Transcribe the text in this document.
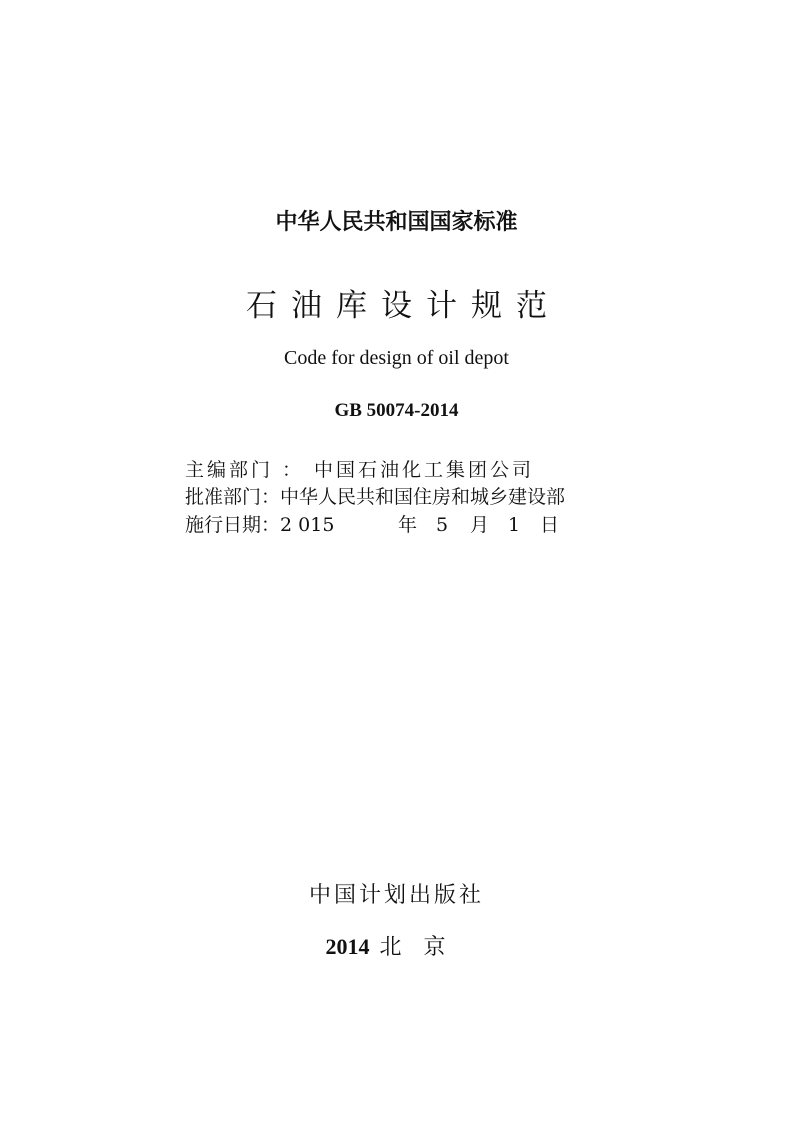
中华人民共和国国家标准
石油库设计规范
Code for design of oil depot
GB 50074-2014
主编部门 ： 中国石油化工集团公司
批准部门：中华人民共和国住房和城乡建设部
施行日期：2 015	年 5 月 1 日
中国计划出版社
2014 北京
